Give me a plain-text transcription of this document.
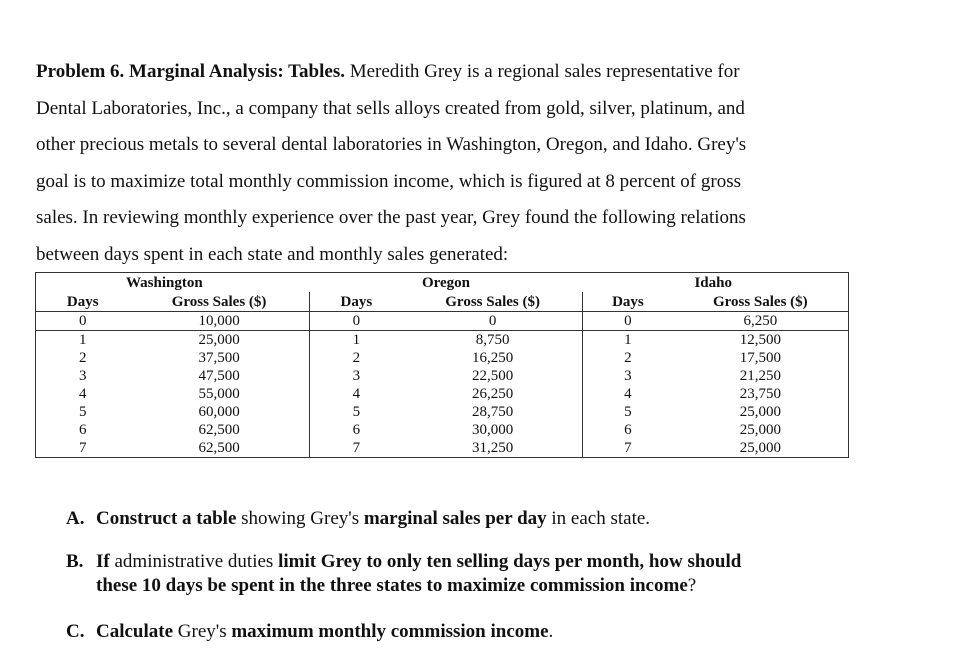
Problem 6. Marginal Analysis: Tables. Meredith Grey is a regional sales representative for

Dental Laboratories, Inc., a company that sells alloys created from gold, silver, platinum, and

other precious metals to several dental laboratories in Washington, Oregon, and Idaho. Grey's

goal is to maximize total monthly commission income, which is figured at 8 percent of gross

sales. In reviewing monthly experience over the past year, Grey found the following relations

between days spent in each state and monthly sales generated:

Washington		Oregon		Idaho	
Days	Gross Sales ($)	Days	Gross Sales ($)	Days	Gross Sales ($)
0	10,000	0	0	0	6,250
1	25,000	1	8,750	1	12,500
2	37,500	2	16,250	2	17,500
3	47,500	3	22,500	3	21,250
4	55,000	4	26,250	4	23,750
5	60,000	5	28,750	5	25,000
6	62,500	6	30,000	6	25,000
7	62,500	7	31,250	7	25,000

A. Construct a table showing Grey's marginal sales per day in each state.

B. If administrative duties limit Grey to only ten selling days per month, how should
these 10 days be spent in the three states to maximize commission income?

C. Calculate Grey's maximum monthly commission income.
